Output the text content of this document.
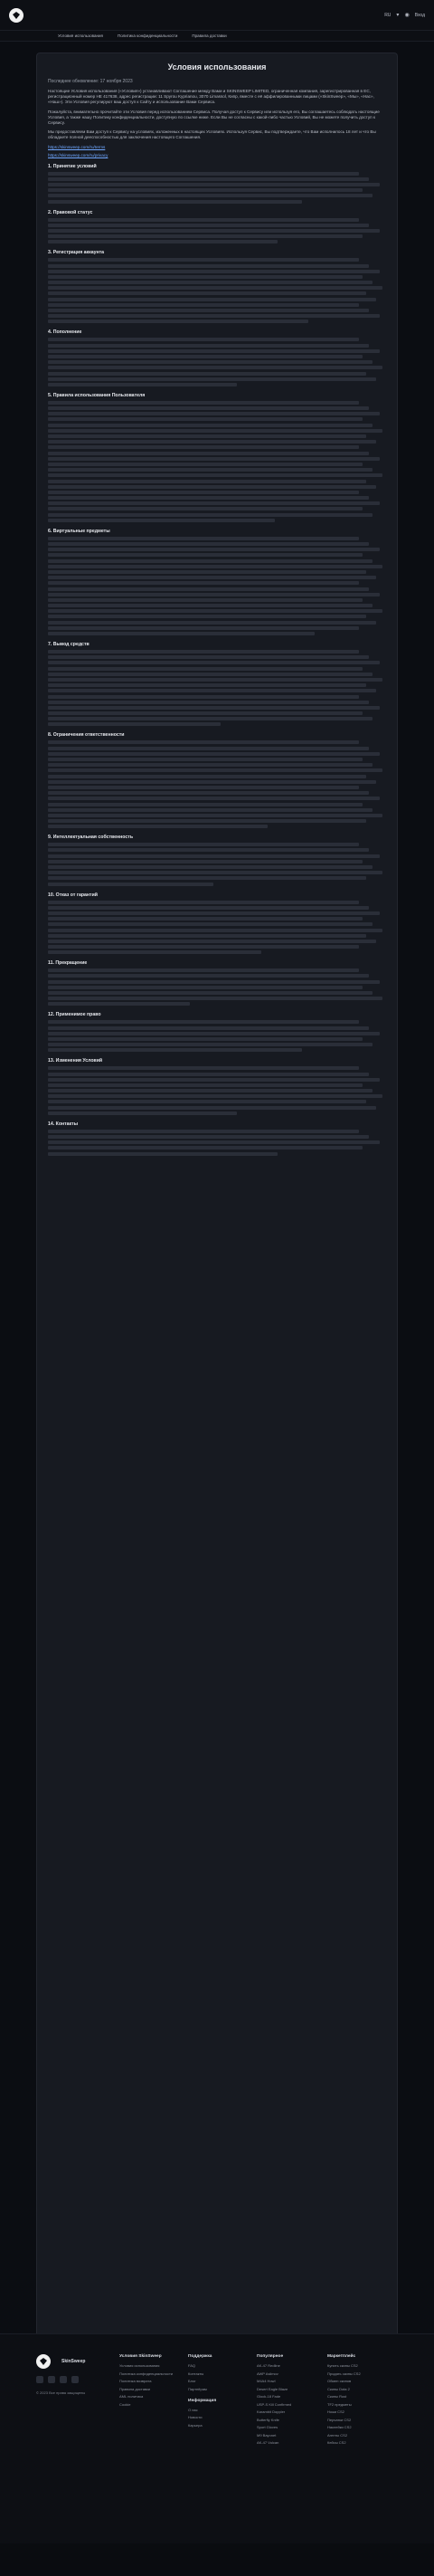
RU ▾ ◉ Вход
Условия использования	Политика конфиденциальности	Правила доставки
Условия использования
Последнее обновление: 17 ноября 2023

Настоящие Условия использования («Условия») устанавливают Соглашение между Вами и SKINSWEEP LIMITED, ограниченная компания, зарегистрированная в ЕС, регистрационный номер HE 417638, адрес регистрации: 11 Spyrou Kyprianou, 3070 Limassol, Кипр, вместе с её аффилированными лицами («SkinSweep», «Мы», «Нас», «Наш»). Эти Условия регулируют ваш доступ к Сайту и использование Вами Сервиса.

Пожалуйста, внимательно прочитайте эти Условия перед использованием Сервиса. Получая доступ к Сервису или используя его, Вы соглашаетесь соблюдать настоящие Условия, а также нашу Политику конфиденциальности, доступную по ссылке ниже. Если Вы не согласны с какой-либо частью Условий, Вы не можете получить доступ к Сервису.

Мы предоставляем Вам доступ к Сервису на условиях, изложенных в настоящих Условиях. Используя Сервис, Вы подтверждаете, что Вам исполнилось 18 лет и что Вы обладаете полной дееспособностью для заключения настоящего Соглашения.

https://skinsweep.com/ru/terms
https://skinsweep.com/ru/privacy
1. Принятие условий
2. Правовой статус
3. Регистрация аккаунта
4. Пополнение
5. Правила использования Пользователя
6. Виртуальные предметы
7. Вывод средств
8. Ограничения ответственности
9. Интеллектуальная собственность
10. Отказ от гарантий
11. Прекращение
12. Применимое право
13. Изменения Условий
14. Контакты
SkinSweep
© 2023 Все права защищены
Условия SkinSweep
Условия использования
Политика конфиденциальности
Политика возврата
Правила доставки
AML политика
Cookie
Поддержка
FAQ
Контакты
Блог
Партнёрам
Информация
О нас
Новости
Карьера
Популярное
AK-47 Redline
AWP Asiimov
M4A4 Howl
Desert Eagle Blaze
Glock-18 Fade
USP-S Kill Confirmed
Karambit Doppler
Butterfly Knife
Sport Gloves
M9 Bayonet
AK-47 Vulcan
Маркетплейс
Купить скины CS2
Продать скины CS2
Обмен скинов
Скины Dota 2
Скины Rust
TF2 предметы
Ножи CS2
Перчатки CS2
Наклейки CS2
Агенты CS2
Кейсы CS2
